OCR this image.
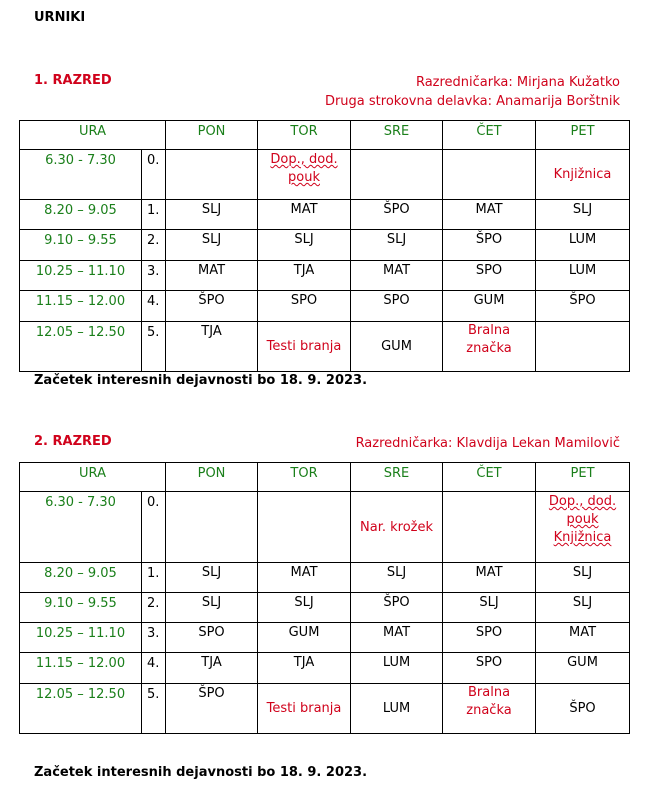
URNIKI
1. RAZRED	Razredničarka: Mirjana Kužatko
Druga strokovna delavka: Anamarija Borštnik
URA		PON	TOR	SRE	ČET	PET
6.30 - 7.30	0.		Dop., dod. pouk			Knjižnica
8.20 – 9.05	1.	SLJ	MAT	ŠPO	MAT	SLJ
9.10 – 9.55	2.	SLJ	SLJ	SLJ	ŠPO	LUM
10.25 – 11.10	3.	MAT	TJA	MAT	SPO	LUM
11.15 – 12.00	4.	ŠPO	SPO	SPO	GUM	ŠPO
12.05 – 12.50	5.	TJA	Testi branja	GUM	Bralna značka	
Začetek interesnih dejavnosti bo 18. 9. 2023.
2. RAZRED	Razredničarka: Klavdija Lekan Mamilovič
URA		PON	TOR	SRE	ČET	PET
6.30 - 7.30	0.			Nar. krožek		Dop., dod. pouk Knjižnica
8.20 – 9.05	1.	SLJ	MAT	SLJ	MAT	SLJ
9.10 – 9.55	2.	SLJ	SLJ	ŠPO	SLJ	SLJ
10.25 – 11.10	3.	SPO	GUM	MAT	SPO	MAT
11.15 – 12.00	4.	TJA	TJA	LUM	SPO	GUM
12.05 – 12.50	5.	ŠPO	Testi branja	LUM	Bralna značka	ŠPO
Začetek interesnih dejavnosti bo 18. 9. 2023.
